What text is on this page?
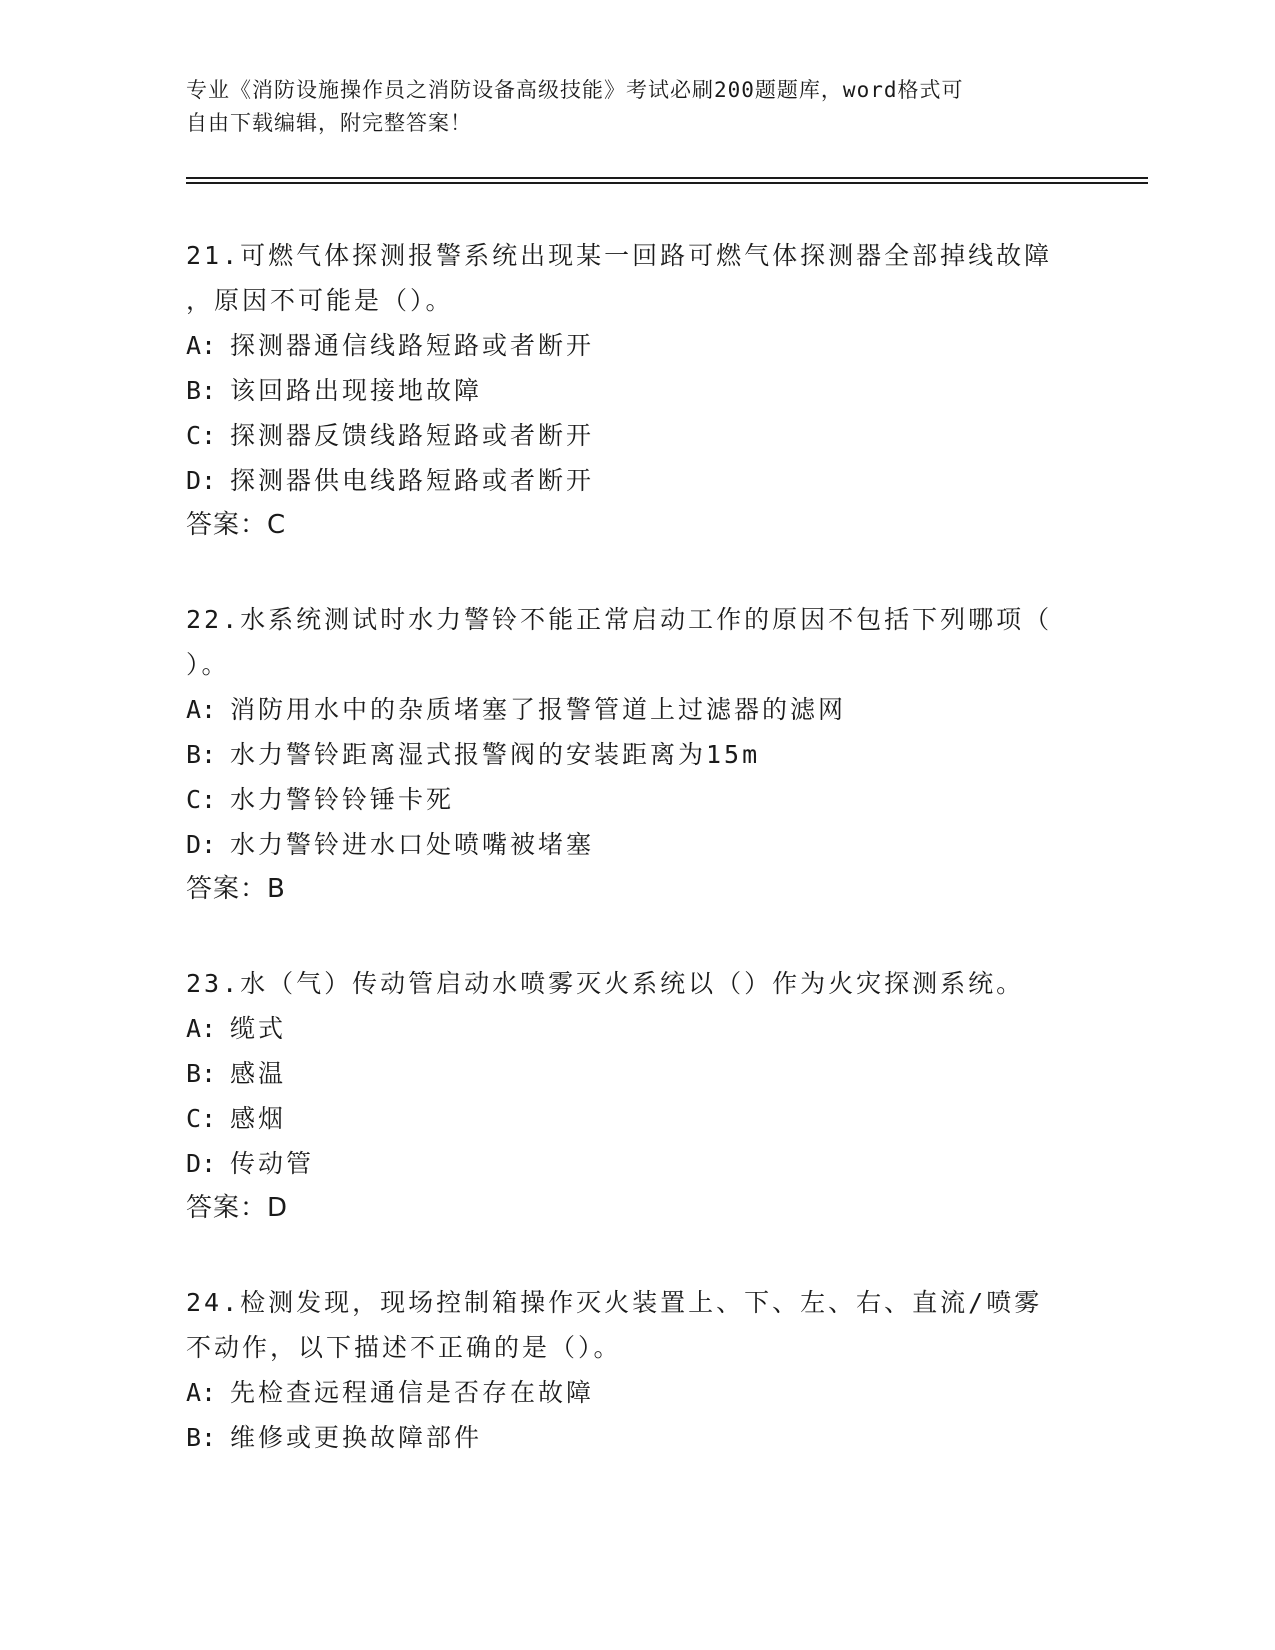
专业《消防设施操作员之消防设备高级技能》考试必刷200题题库，word格式可
自由下载编辑，附完整答案！
21.可燃气体探测报警系统出现某一回路可燃气体探测器全部掉线故障
，原因不可能是（）。
A: 探测器通信线路短路或者断开
B: 该回路出现接地故障
C: 探测器反馈线路短路或者断开
D: 探测器供电线路短路或者断开
答案：C
22.水系统测试时水力警铃不能正常启动工作的原因不包括下列哪项（
）。
A: 消防用水中的杂质堵塞了报警管道上过滤器的滤网
B: 水力警铃距离湿式报警阀的安装距离为15m
C: 水力警铃铃锤卡死
D: 水力警铃进水口处喷嘴被堵塞
答案：B
23.水（气）传动管启动水喷雾灭火系统以（）作为火灾探测系统。
A: 缆式
B: 感温
C: 感烟
D: 传动管
答案：D
24.检测发现，现场控制箱操作灭火装置上、下、左、右、直流/喷雾
不动作，以下描述不正确的是（）。
A: 先检查远程通信是否存在故障
B: 维修或更换故障部件
